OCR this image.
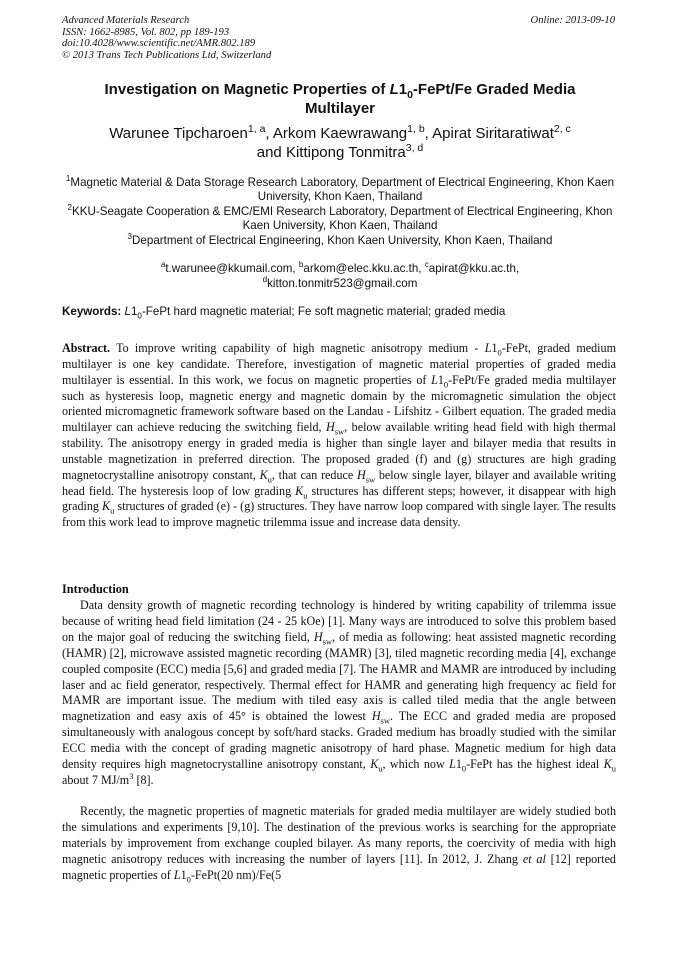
Advanced Materials Research
ISSN: 1662-8985, Vol. 802, pp 189-193
doi:10.4028/www.scientific.net/AMR.802.189
© 2013 Trans Tech Publications Ltd, Switzerland
Online: 2013-09-10
Investigation on Magnetic Properties of $L1_0-FePt/Fe$ Graded Media Multilayer
Warunee Tipcharoen$^{1, a}$, Arkom Kaewrawang$^{1, b}$, Apirat Siritaratiwat$^{2, c}$
and Kittipong Tonmitra$^{3, d}$

$^1$Magnetic Material & Data Storage Research Laboratory, Department of Electrical Engineering, Khon Kaen University, Khon Kaen, Thailand

$^2$KKU-Seagate Cooperation & EMC/EMI Research Laboratory, Department of Electrical Engineering, Khon Kaen University, Khon Kaen, Thailand

$^3$Department of Electrical Engineering, Khon Kaen University, Khon Kaen, Thailand

$^a$t.warunee@kkumail.com, $^b$arkom@elec.kku.ac.th, $^c$apirat@kku.ac.th,
$^d$kitton.tonmitr523@gmail.com

Keywords: $L1_0$-FePt hard magnetic material; Fe soft magnetic material; graded media

Abstract. To improve writing capability of high magnetic anisotropy medium - $L1_0$-FePt, graded medium multilayer is one key candidate. Therefore, investigation of magnetic material properties of graded media multilayer is essential. In this work, we focus on magnetic properties of $L1_0-FePt/Fe$ graded media multilayer such as hysteresis loop, magnetic energy and magnetic domain by the micromagnetic simulation the object oriented micromagnetic framework software based on the Landau - Lifshitz - Gilbert equation. The graded media multilayer can achieve reducing the switching field, $H_{sw}$, below available writing head field with high thermal stability. The anisotropy energy in graded media is higher than single layer and bilayer media that results in unstable magnetization in preferred direction. The proposed graded (f) and (g) structures are high grading magnetocrystalline anisotropy constant, $K_u$, that can reduce $H_{sw}$ below single layer, bilayer and available writing head field. The hysteresis loop of low grading $K_u$ structures has different steps; however, it disappear with high grading $K_u$ structures of graded (e) - (g) structures. They have narrow loop compared with single layer. The results from this work lead to improve magnetic trilemma issue and increase data density.

Introduction

Data density growth of magnetic recording technology is hindered by writing capability of trilemma issue because of writing head field limitation (24 - 25 kOe) [1]. Many ways are introduced to solve this problem based on the major goal of reducing the switching field, $H_{sw}$, of media as following: heat assisted magnetic recording (HAMR) [2], microwave assisted magnetic recording (MAMR) [3], tiled magnetic recording media [4], exchange coupled composite (ECC) media [5,6] and graded media [7]. The HAMR and MAMR are introduced by including laser and ac field generator, respectively. Thermal effect for HAMR and generating high frequency ac field for MAMR are important issue. The medium with tiled easy axis is called tiled media that the angle between magnetization and easy axis of 45° is obtained the lowest $H_{sw}$. The ECC and graded media are proposed simultaneously with analogous concept by soft/hard stacks. Graded medium has broadly studied with the similar ECC media with the concept of grading magnetic anisotropy of hard phase. Magnetic medium for high data density requires high magnetocrystalline anisotropy constant, $K_u$, which now $L1_0$-FePt has the highest ideal $K_u$ about 7 $MJ/m^3$ [8].

Recently, the magnetic properties of magnetic materials for graded media multilayer are widely studied both the simulations and experiments [9,10]. The destination of the previous works is searching for the appropriate materials by improvement from exchange coupled bilayer. As many reports, the coercivity of media with high magnetic anisotropy reduces with increasing the number of layers [11]. In 2012, J. Zhang et al [12] reported magnetic properties of $L1_0-FePt(20$ nm)/Fe(5
